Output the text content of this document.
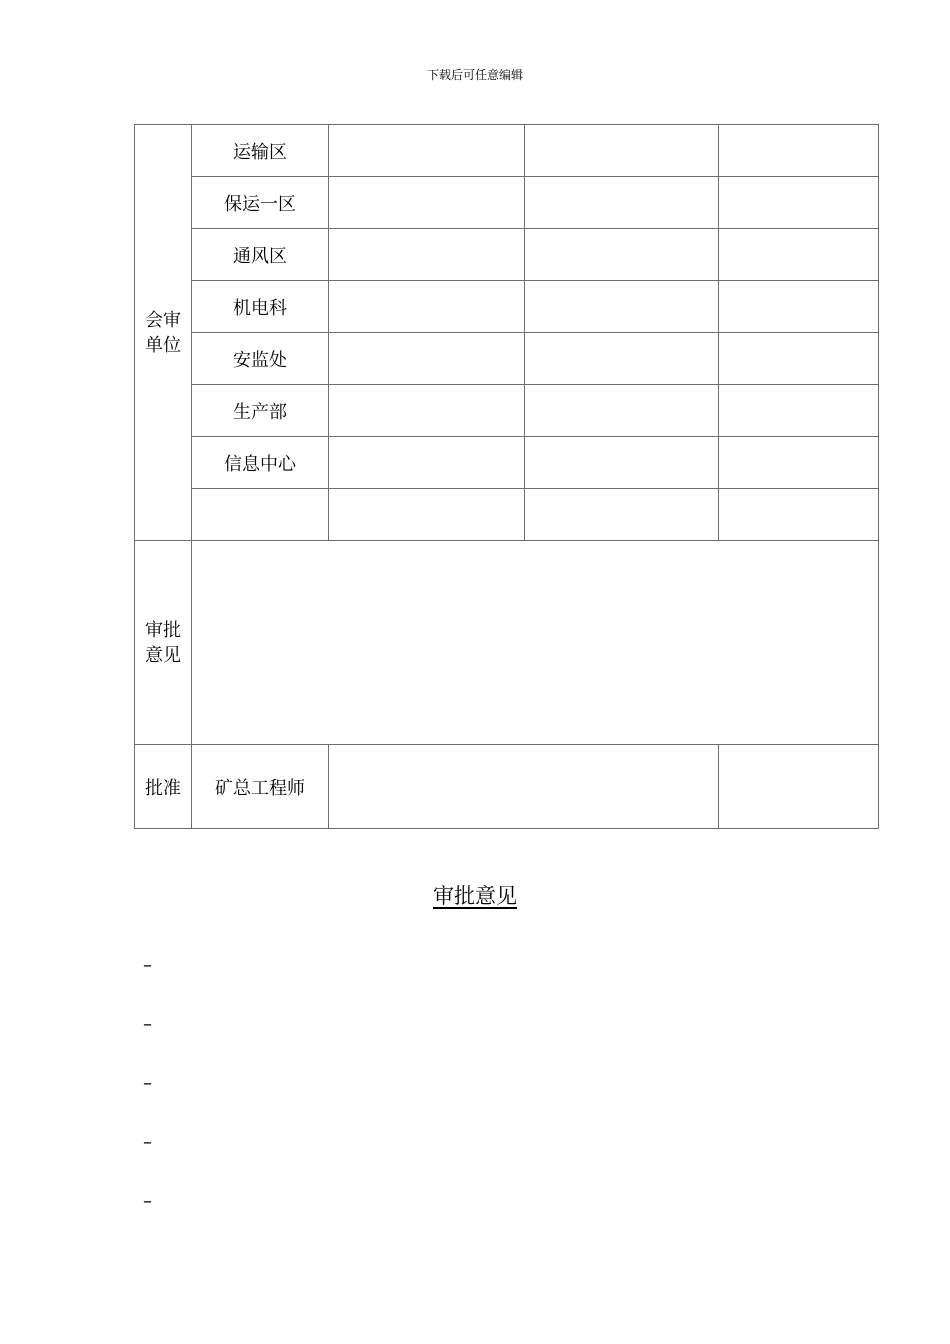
下载后可任意编辑
会审单位	运输区			
	保运一区			
	通风区			
	机电科			
	安监处			
	生产部			
	信息中心			

审批意见				
批准	矿总工程师			
审批意见
–
–
–
–
–
